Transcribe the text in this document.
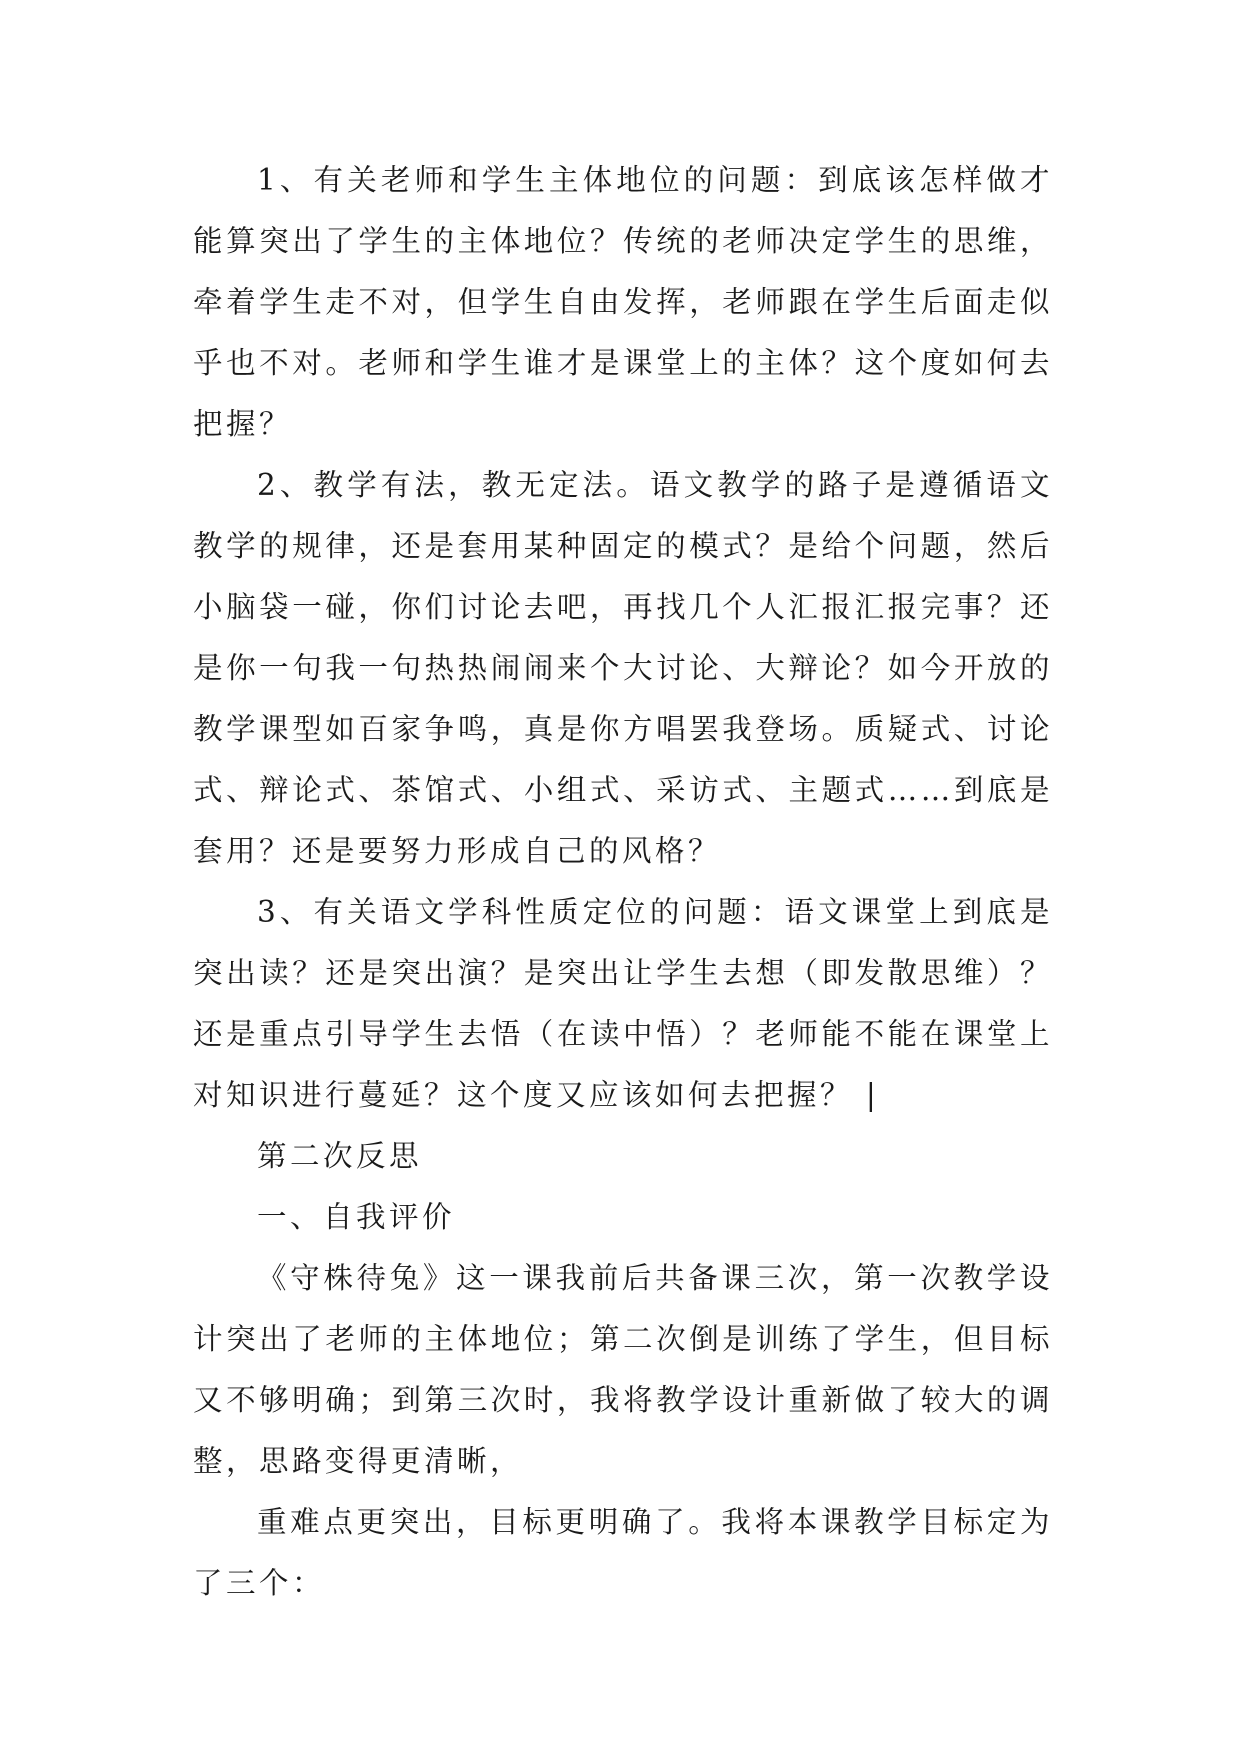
1、有关老师和学生主体地位的问题：到底该怎样做才能算突出了学生的主体地位？传统的老师决定学生的思维，牵着学生走不对，但学生自由发挥，老师跟在学生后面走似乎也不对。老师和学生谁才是课堂上的主体？这个度如何去把握？

2、教学有法，教无定法。语文教学的路子是遵循语文教学的规律，还是套用某种固定的模式？是给个问题，然后小脑袋一碰，你们讨论去吧，再找几个人汇报汇报完事？还是你一句我一句热热闹闹来个大讨论、大辩论？如今开放的教学课型如百家争鸣，真是你方唱罢我登场。质疑式、讨论式、辩论式、茶馆式、小组式、采访式、主题式……到底是套用？还是要努力形成自己的风格？

3、有关语文学科性质定位的问题：语文课堂上到底是突出读？还是突出演？是突出让学生去想（即发散思维）？还是重点引导学生去悟（在读中悟）？老师能不能在课堂上对知识进行蔓延？这个度又应该如何去把握？ |

第二次反思

一、自我评价

《守株待兔》这一课我前后共备课三次，第一次教学设计突出了老师的主体地位；第二次倒是训练了学生，但目标又不够明确；到第三次时，我将教学设计重新做了较大的调整，思路变得更清晰，

重难点更突出，目标更明确了。我将本课教学目标定为了三个：
